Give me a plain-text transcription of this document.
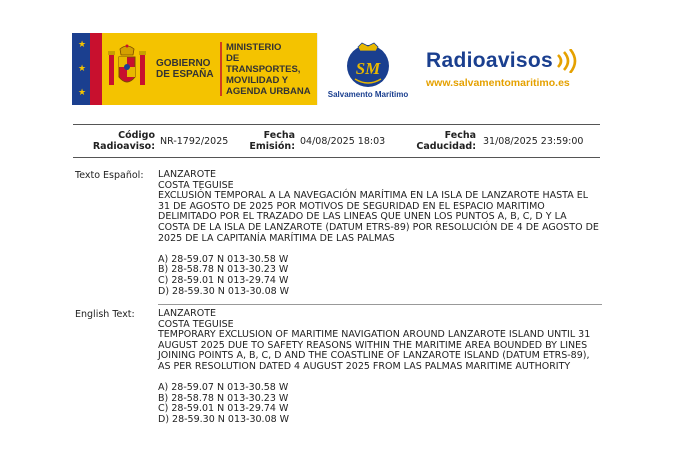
★
★
★
GOBIERNO
DE ESPAÑA
MINISTERIO
DE TRANSPORTES,
MOVILIDAD Y
AGENDA URBANA
SM
Salvamento Marítimo
Radioavisos
www.salvamentomaritimo.es
Código
Radioaviso: NR-1792/2025
Fecha
Emisión: 04/08/2025 18:03
Fecha
Caducidad: 31/08/2025 23:59:00
Texto Español: LANZAROTE
COSTA TEGUISE
EXCLUSIÓN TEMPORAL A LA NAVEGACIÓN MARÍTIMA EN LA ISLA DE LANZAROTE HASTA EL
31 DE AGOSTO DE 2025 POR MOTIVOS DE SEGURIDAD EN EL ESPACIO MARITIMO
DELIMITADO POR EL TRAZADO DE LAS LINEAS QUE UNEN LOS PUNTOS A, B, C, D Y LA
COSTA DE LA ISLA DE LANZAROTE (DATUM ETRS-89) POR RESOLUCIÓN DE 4 DE AGOSTO DE
2025 DE LA CAPITANÍA MARÍTIMA DE LAS PALMAS
A) 28-59.07 N 013-30.58 W
B) 28-58.78 N 013-30.23 W
C) 28-59.01 N 013-29.74 W
D) 28-59.30 N 013-30.08 W
English Text: LANZAROTE
COSTA TEGUISE
TEMPORARY EXCLUSION OF MARITIME NAVIGATION AROUND LANZAROTE ISLAND UNTIL 31
AUGUST 2025 DUE TO SAFETY REASONS WITHIN THE MARITIME AREA BOUNDED BY LINES
JOINING POINTS A, B, C, D AND THE COASTLINE OF LANZAROTE ISLAND (DATUM ETRS-89),
AS PER RESOLUTION DATED 4 AUGUST 2025 FROM LAS PALMAS MARITIME AUTHORITY
A) 28-59.07 N 013-30.58 W
B) 28-58.78 N 013-30.23 W
C) 28-59.01 N 013-29.74 W
D) 28-59.30 N 013-30.08 W
